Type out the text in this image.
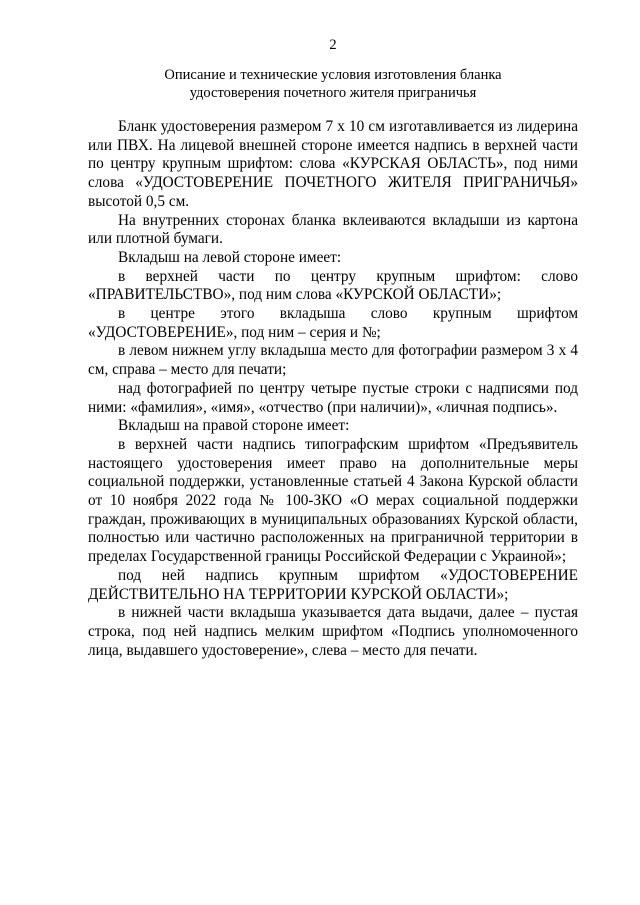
2
Описание и технические условия изготовления бланка
удостоверения почетного жителя приграничья

Бланк удостоверения размером 7 х 10 см изготавливается из лидерина или ПВХ. На лицевой внешней стороне имеется надпись в верхней части по центру крупным шрифтом: слова «КУРСКАЯ ОБЛАСТЬ», под ними слова «УДОСТОВЕРЕНИЕ ПОЧЕТНОГО ЖИТЕЛЯ ПРИГРАНИЧЬЯ» высотой 0,5 см.

На внутренних сторонах бланка вклеиваются вкладыши из картона или плотной бумаги.

Вкладыш на левой стороне имеет:

в верхней части по центру крупным шрифтом: слово «ПРАВИТЕЛЬСТВО», под ним слова «КУРСКОЙ ОБЛАСТИ»;

в центре этого вкладыша слово крупным шрифтом «УДОСТОВЕРЕНИЕ», под ним – серия и №;

в левом нижнем углу вкладыша место для фотографии размером 3 х 4 см, справа – место для печати;

над фотографией по центру четыре пустые строки с надписями под ними: «фамилия», «имя», «отчество (при наличии)», «личная подпись».

Вкладыш на правой стороне имеет:

в верхней части надпись типографским шрифтом «Предъявитель настоящего удостоверения имеет право на дополнительные меры социальной поддержки, установленные статьей 4 Закона Курской области от 10 ноября 2022 года № 100-ЗКО «О мерах социальной поддержки граждан, проживающих в муниципальных образованиях Курской области, полностью или частично расположенных на приграничной территории в пределах Государственной границы Российской Федерации с Украиной»;

под ней надпись крупным шрифтом «УДОСТОВЕРЕНИЕ ДЕЙСТВИТЕЛЬНО НА ТЕРРИТОРИИ КУРСКОЙ ОБЛАСТИ»;

в нижней части вкладыша указывается дата выдачи, далее – пустая строка, под ней надпись мелким шрифтом «Подпись уполномоченного лица, выдавшего удостоверение», слева – место для печати.
